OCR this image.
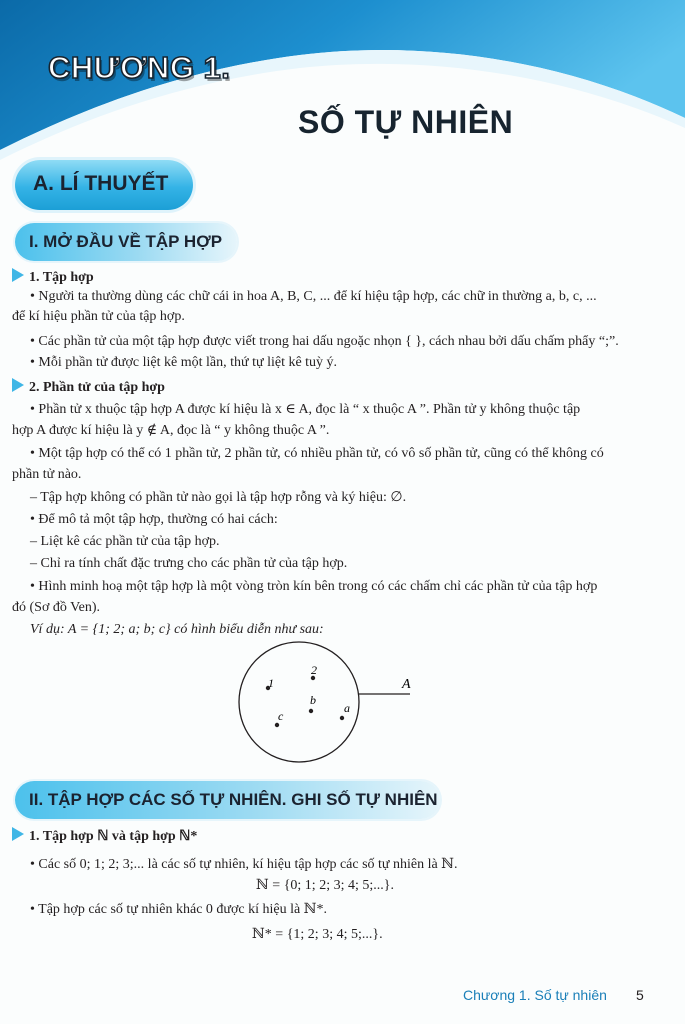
CHƯƠNG 1.
SỐ TỰ NHIÊN
A. LÍ THUYẾT
I. MỞ ĐẦU VỀ TẬP HỢP
1. Tập hợp
• Người ta thường dùng các chữ cái in hoa A, B, C, ... để kí hiệu tập hợp, các chữ in thường a, b, c, ...
để kí hiệu phần tử của tập hợp.
• Các phần tử của một tập hợp được viết trong hai dấu ngoặc nhọn { }, cách nhau bởi dấu chấm phẩy “;”.
• Mỗi phần tử được liệt kê một lần, thứ tự liệt kê tuỳ ý.
2. Phần tử của tập hợp
• Phần tử x thuộc tập hợp A được kí hiệu là x ∈ A, đọc là “ x thuộc A ”. Phần tử y không thuộc tập
hợp A được kí hiệu là y ∉ A, đọc là “ y không thuộc A ”.
• Một tập hợp có thể có 1 phần tử, 2 phần tử, có nhiều phần tử, có vô số phần tử, cũng có thể không có
phần tử nào.
– Tập hợp không có phần tử nào gọi là tập hợp rỗng và ký hiệu: ∅.
• Để mô tả một tập hợp, thường có hai cách:
– Liệt kê các phần tử của tập hợp.
– Chỉ ra tính chất đặc trưng cho các phần tử của tập hợp.
• Hình minh hoạ một tập hợp là một vòng tròn kín bên trong có các chấm chỉ các phần tử của tập hợp
đó (Sơ đồ Ven).
Ví dụ: A = {1; 2; a; b; c} có hình biểu diễn như sau:
A
1
2
b
c
a
II. TẬP HỢP CÁC SỐ TỰ NHIÊN. GHI SỐ TỰ NHIÊN
1. Tập hợp ℕ và tập hợp ℕ*
• Các số 0; 1; 2; 3;... là các số tự nhiên, kí hiệu tập hợp các số tự nhiên là ℕ.
ℕ = {0; 1; 2; 3; 4; 5;...}.
• Tập hợp các số tự nhiên khác 0 được kí hiệu là ℕ*.
ℕ* = {1; 2; 3; 4; 5;...}.
Chương 1. Số tự nhiên 5
